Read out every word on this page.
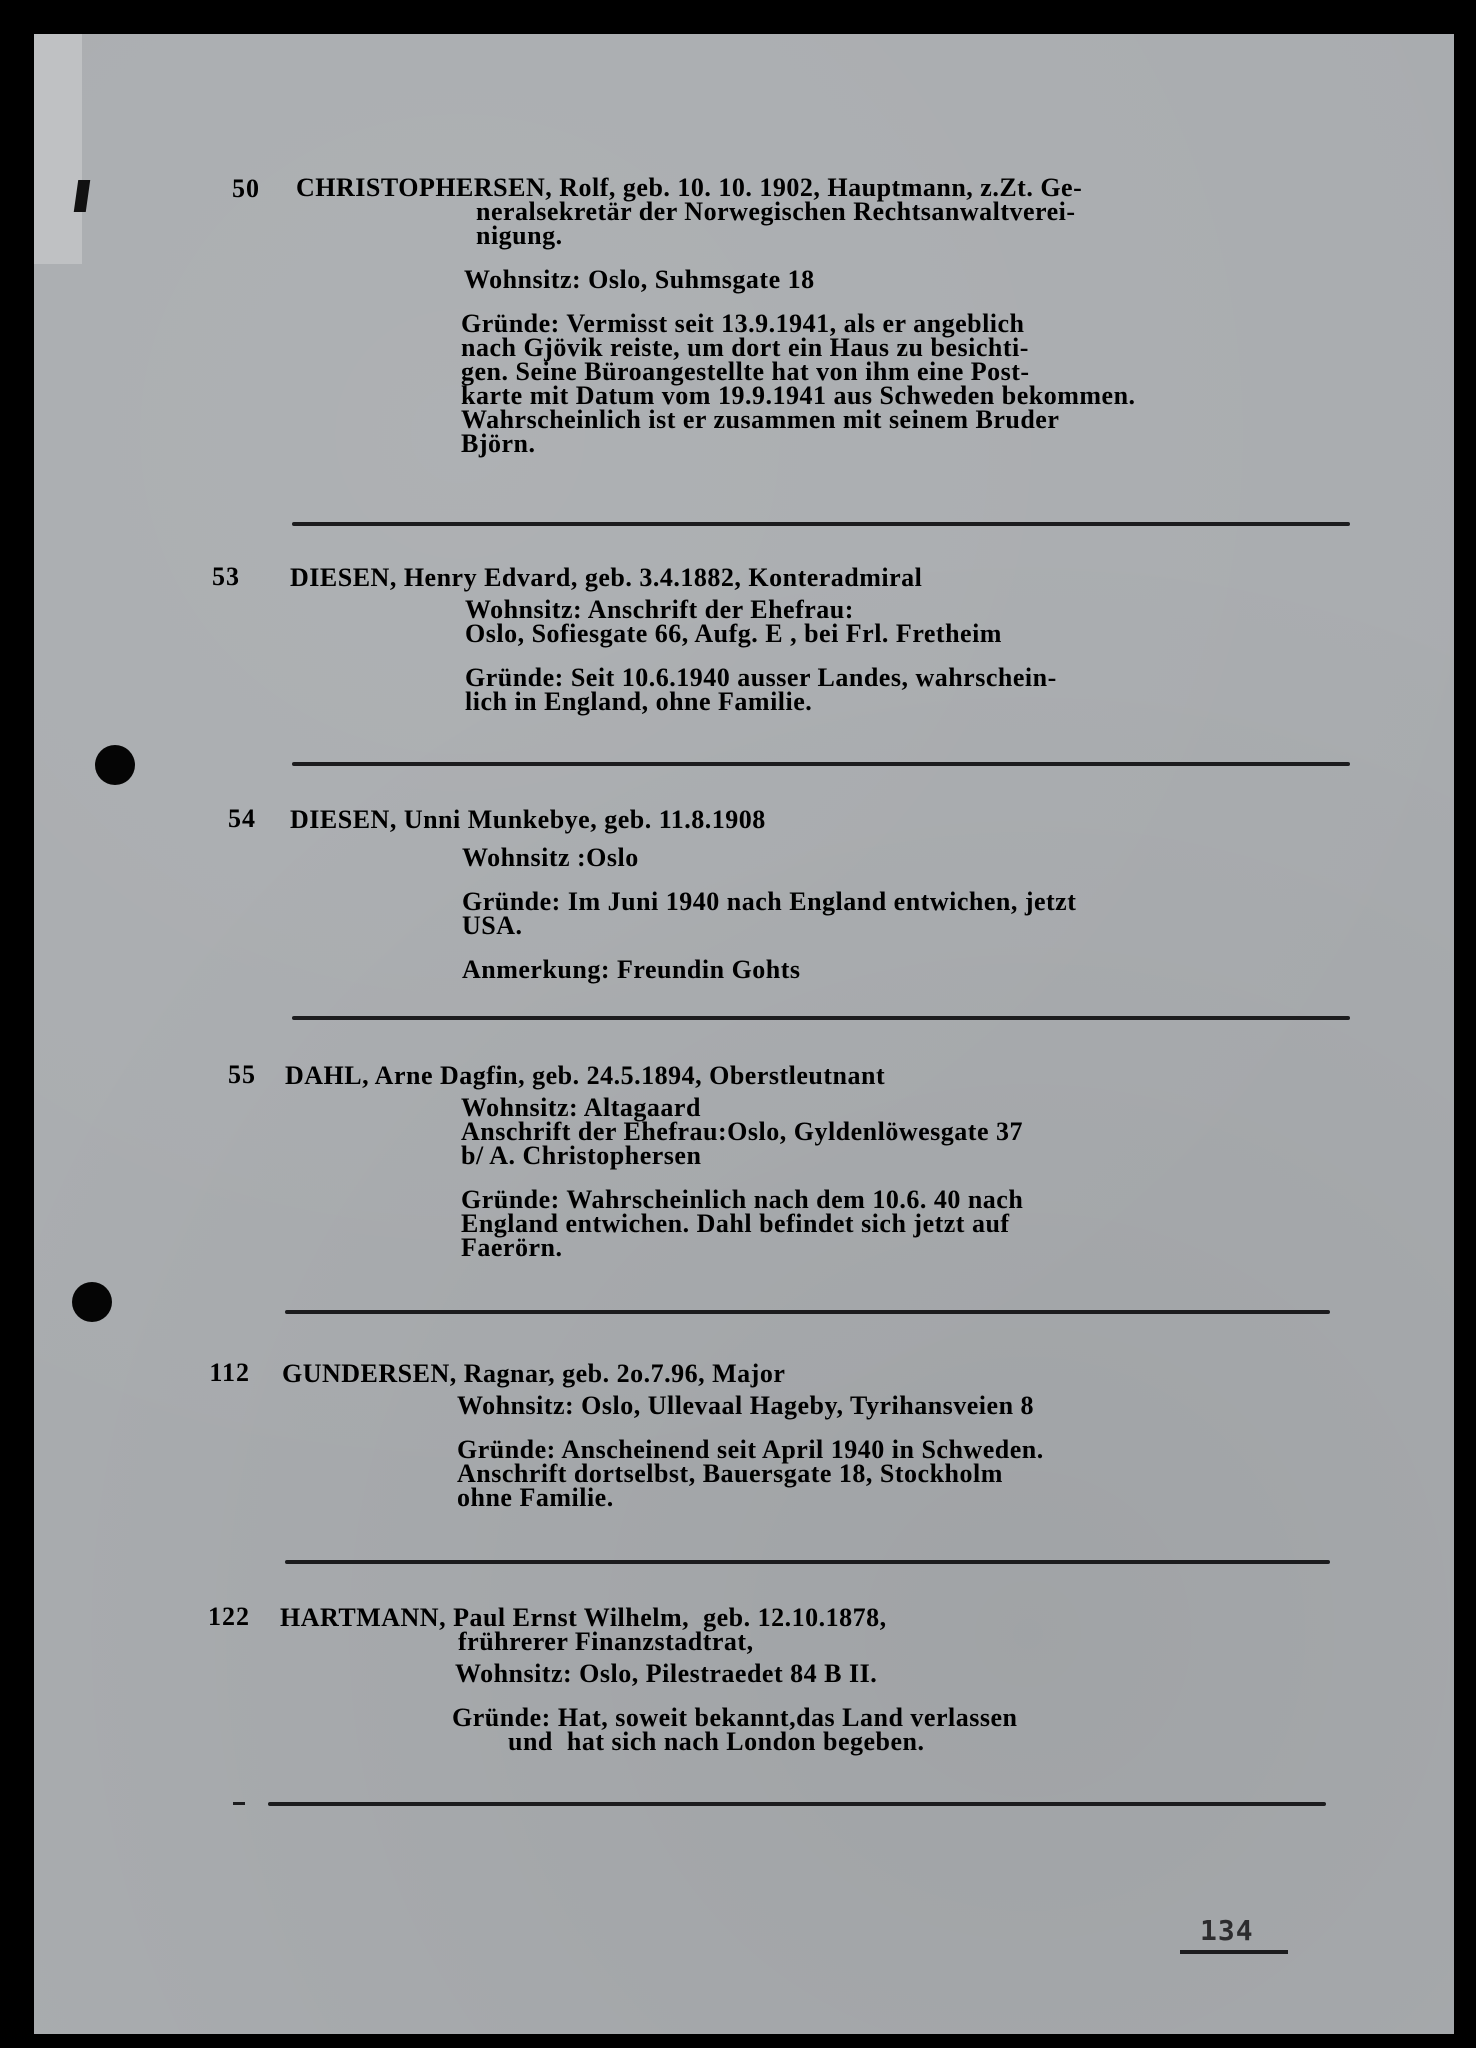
50 CHRISTOPHERSEN, Rolf, geb. 10. 10. 1902, Hauptmann, z.Zt. Ge-
neralsekretär der Norwegischen Rechtsanwaltverei-
nigung.
Wohnsitz: Oslo, Suhmsgate 18
Gründe: Vermisst seit 13.9.1941, als er angeblich
nach Gjövik reiste, um dort ein Haus zu besichti-
gen. Seine Büroangestellte hat von ihm eine Post-
karte mit Datum vom 19.9.1941 aus Schweden bekommen.
Wahrscheinlich ist er zusammen mit seinem Bruder
Björn.
53 DIESEN, Henry Edvard, geb. 3.4.1882, Konteradmiral
Wohnsitz: Anschrift der Ehefrau:
Oslo, Sofiesgate 66, Aufg. E , bei Frl. Fretheim
Gründe: Seit 10.6.1940 ausser Landes, wahrschein-
lich in England, ohne Familie.
54 DIESEN, Unni Munkebye, geb. 11.8.1908
Wohnsitz :Oslo
Gründe: Im Juni 1940 nach England entwichen, jetzt
USA.
Anmerkung: Freundin Gohts
55 DAHL, Arne Dagfin, geb. 24.5.1894, Oberstleutnant
Wohnsitz: Altagaard
Anschrift der Ehefrau:Oslo, Gyldenlöwesgate 37
b/ A. Christophersen
Gründe: Wahrscheinlich nach dem 10.6. 40 nach
England entwichen. Dahl befindet sich jetzt auf
Faerörn.
112 GUNDERSEN, Ragnar, geb. 2o.7.96, Major
Wohnsitz: Oslo, Ullevaal Hageby, Tyrihansveien 8
Gründe: Anscheinend seit April 1940 in Schweden.
Anschrift dortselbst, Bauersgate 18, Stockholm
ohne Familie.
122 HARTMANN, Paul Ernst Wilhelm,  geb. 12.10.1878,
frührerer Finanzstadtrat,
Wohnsitz: Oslo, Pilestraedet 84 B II.
Gründe: Hat, soweit bekannt,das Land verlassen
und  hat sich nach London begeben.
134
